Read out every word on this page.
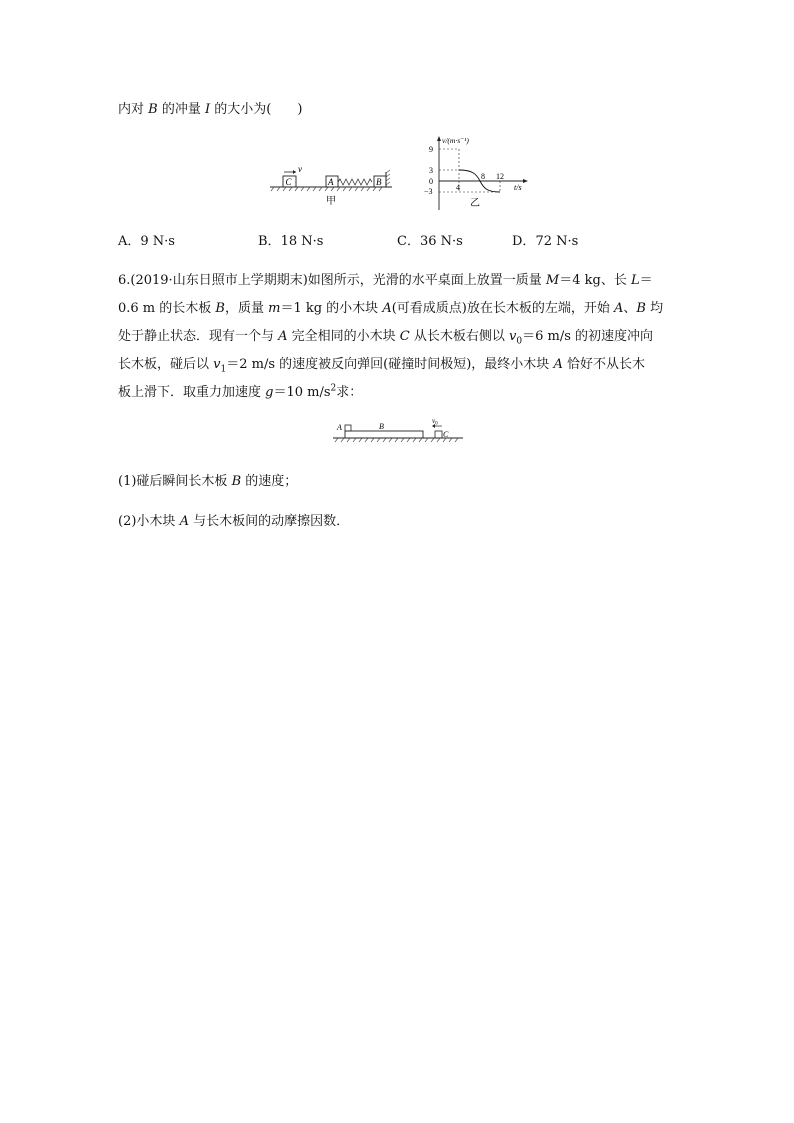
内对 B 的冲量 I 的大小为(　　)
C
v
A	B
甲
v/(m·s⁻¹)
9
3
0
−3	4
8 12
t/s
乙
A．9 N·s	B．18 N·s	C．36 N·s	D．72 N·s
6.(2019·山东日照市上学期期末)如图所示，光滑的水平桌面上放置一质量 M＝4 kg、长 L＝
0.6 m 的长木板 B，质量 m＝1 kg 的小木块 A(可看成质点)放在长木板的左端，开始 A、B 均
处于静止状态．现有一个与 A 完全相同的小木块 C 从长木板右侧以 $v_0=6$ m/s 的初速度冲向
长木板，碰后以 $v_1=2$ m/s 的速度被反向弹回(碰撞时间极短)，最终小木块 A 恰好不从长木
板上滑下．取重力加速度 g＝10 $m/s^2$求：
A	B
C
$v_0$
(1)碰后瞬间长木板 B 的速度；
(2)小木块 A 与长木板间的动摩擦因数．
